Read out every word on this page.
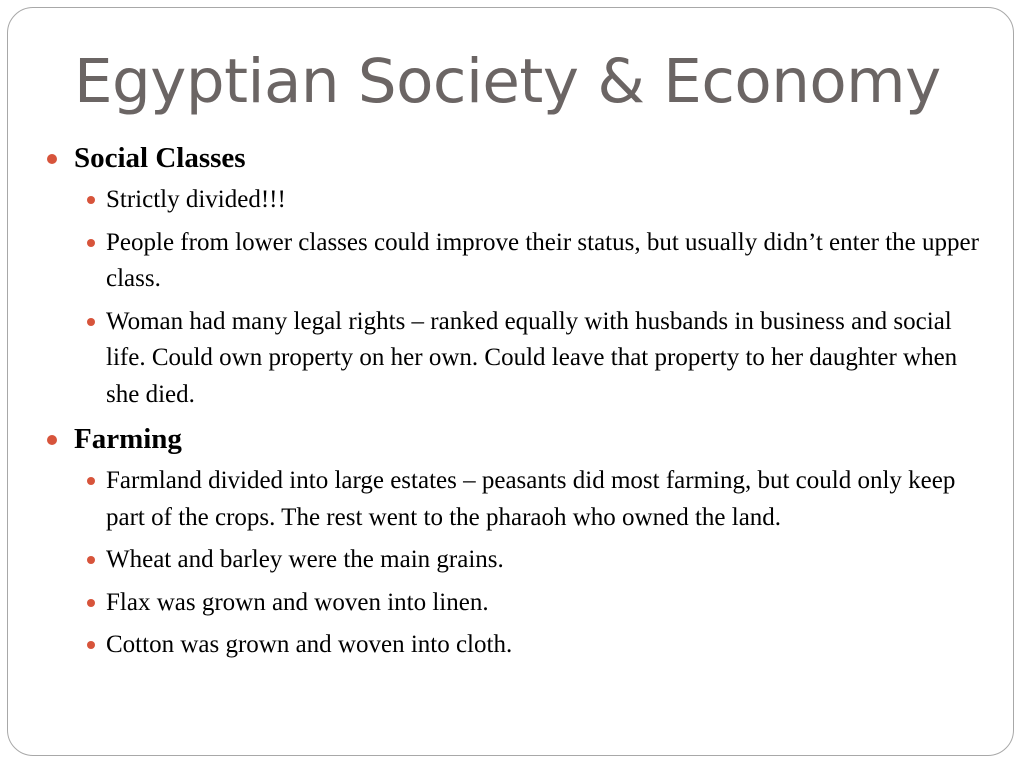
Egyptian Society & Economy
Social Classes
Strictly divided!!!
People from lower classes could improve their status, but usually didn’t enter the upper class.
Woman had many legal rights – ranked equally with husbands in business and social life. Could own property on her own. Could leave that property to her daughter when she died.
Farming
Farmland divided into large estates – peasants did most farming, but could only keep part of the crops. The rest went to the pharaoh who owned the land.
Wheat and barley were the main grains.
Flax was grown and woven into linen.
Cotton was grown and woven into cloth.
